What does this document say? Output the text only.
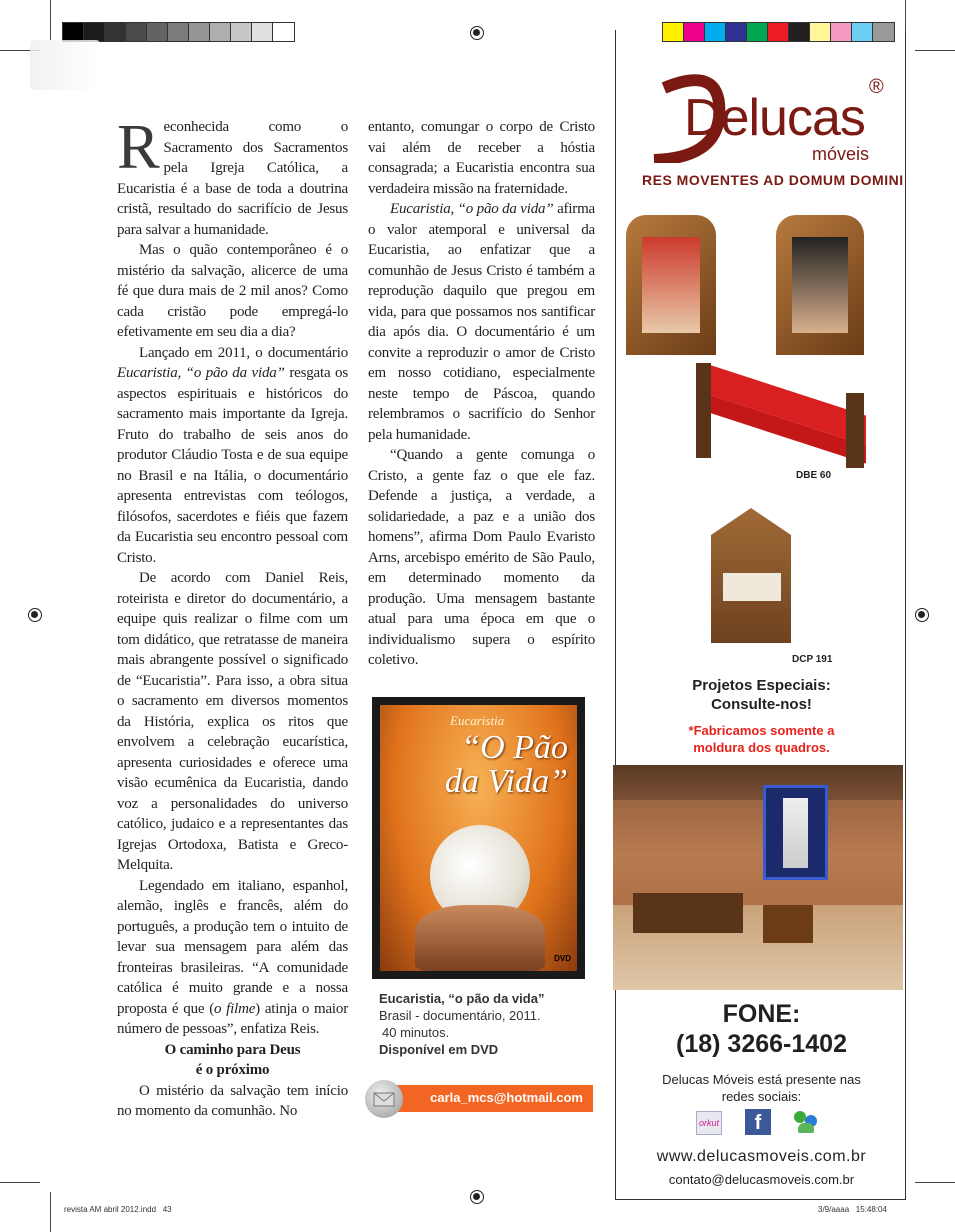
Reconhecida como o Sacramento dos Sacramentos pela Igreja Católica, a Eucaristia é a base de toda a doutrina cristã, resultado do sacrifício de Jesus para salvar a humanidade.

Mas o quão contemporâneo é o mistério da salvação, alicerce de uma fé que dura mais de 2 mil anos? Como cada cristão pode empregá-lo efetivamente em seu dia a dia?

Lançado em 2011, o documentário Eucaristia, “o pão da vida” resgata os aspectos espirituais e históricos do sacramento mais importante da Igreja. Fruto do trabalho de seis anos do produtor Cláudio Tosta e de sua equipe no Brasil e na Itália, o documentário apresenta entrevistas com teólogos, filósofos, sacerdotes e fiéis que fazem da Eucaristia seu encontro pessoal com Cristo.

De acordo com Daniel Reis, roteirista e diretor do documentário, a equipe quis realizar o filme com um tom didático, que retratasse de maneira mais abrangente possível o significado de “Eucaristia”. Para isso, a obra situa o sacramento em diversos momentos da História, explica os ritos que envolvem a celebração eucarística, apresenta curiosidades e oferece uma visão ecumênica da Eucaristia, dando voz a personalidades do universo católico, judaico e a representantes das Igrejas Ortodoxa, Batista e Greco-Melquita.

Legendado em italiano, espanhol, alemão, inglês e francês, além do português, a produção tem o intuito de levar sua mensagem para além das fronteiras brasileiras. “A comunidade católica é muito grande e a nossa proposta é que (o filme) atinja o maior número de pessoas”, enfatiza Reis.

O caminho para Deus
é o próximo

O mistério da salvação tem início no momento da comunhão. No

entanto, comungar o corpo de Cristo vai além de receber a hóstia consagrada; a Eucaristia encontra sua verdadeira missão na fraternidade.

Eucaristia, “o pão da vida” afirma o valor atemporal e universal da Eucaristia, ao enfatizar que a comunhão de Jesus Cristo é também a reprodução daquilo que pregou em vida, para que possamos nos santificar dia após dia. O documentário é um convite a reproduzir o amor de Cristo em nosso cotidiano, especialmente neste tempo de Páscoa, quando relembramos o sacrifício do Senhor pela humanidade.

“Quando a gente comunga o Cristo, a gente faz o que ele faz. Defende a justiça, a verdade, a solidariedade, a paz e a união dos homens”, afirma Dom Paulo Evaristo Arns, arcebispo emérito de São Paulo, em determinado momento da produção. Uma mensagem bastante atual para uma época em que o individualismo supera o espírito coletivo.

Eucaristia
“O Pão
da Vida”
DVD
Eucaristia, “o pão da vida”
Brasil - documentário, 2011.
40 minutos.
Disponível em DVD
carla_mcs@hotmail.com
Delucas
®
móveis
RES MOVENTES AD DOMUM DOMINI
DBE 60
DCP 191
Projetos Especiais:
Consulte-nos!
*Fabricamos somente a
moldura dos quadros.
FONE:
(18) 3266-1402
Delucas Móveis está presente nas
redes sociais:
orkut	f
www.delucasmoveis.com.br
contato@delucasmoveis.com.br
revista AM abril 2012.indd   43	3/9/aaaa   15:48:04
